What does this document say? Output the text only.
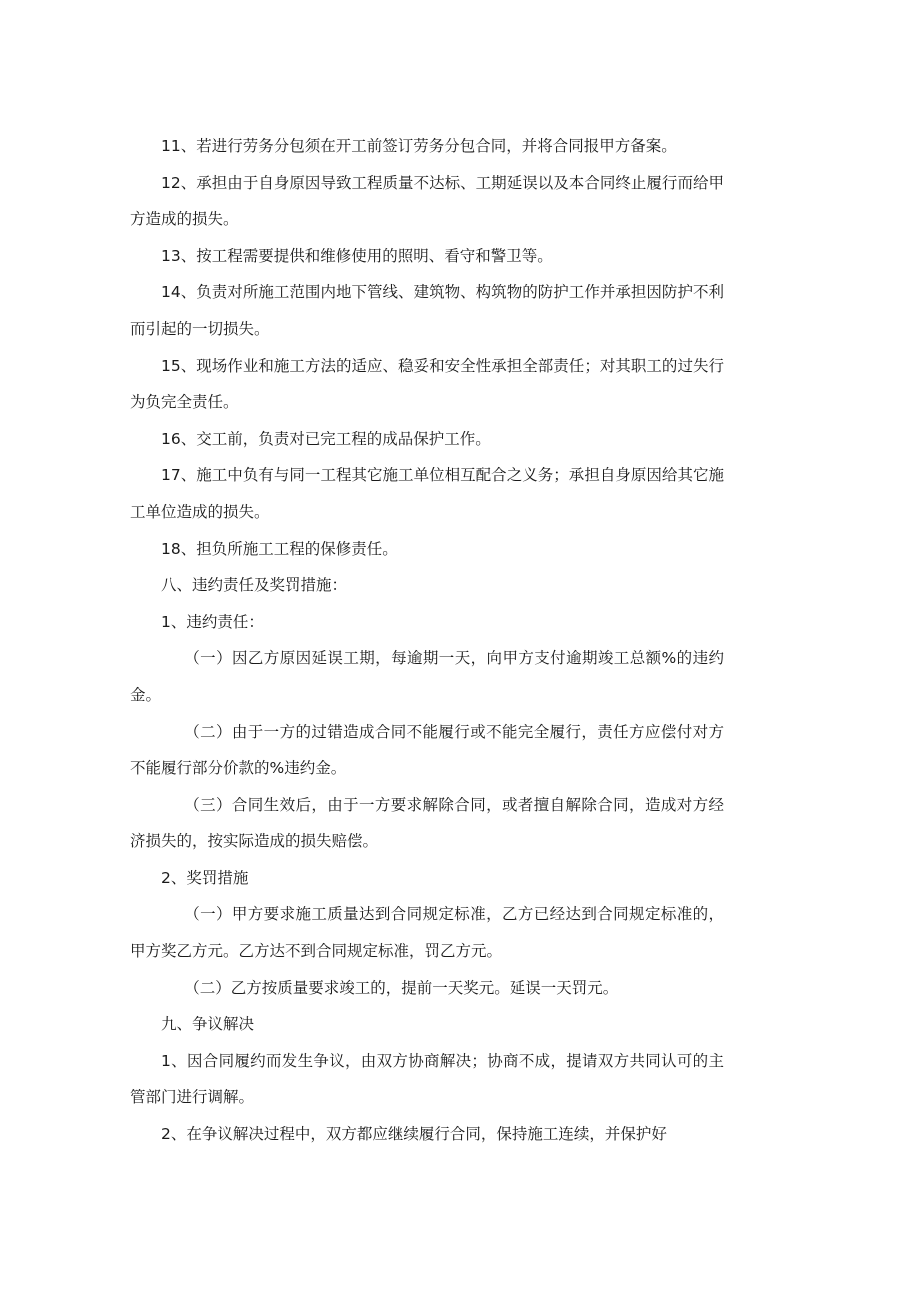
11、若进行劳务分包须在开工前签订劳务分包合同，并将合同报甲方备案。

12、承担由于自身原因导致工程质量不达标、工期延误以及本合同终止履行而给甲方造成的损失。

13、按工程需要提供和维修使用的照明、看守和警卫等。

14、负责对所施工范围内地下管线、建筑物、构筑物的防护工作并承担因防护不利而引起的一切损失。

15、现场作业和施工方法的适应、稳妥和安全性承担全部责任；对其职工的过失行为负完全责任。

16、交工前，负责对已完工程的成品保护工作。

17、施工中负有与同一工程其它施工单位相互配合之义务；承担自身原因给其它施工单位造成的损失。

18、担负所施工工程的保修责任。

八、违约责任及奖罚措施：

1、违约责任：

（一）因乙方原因延误工期，每逾期一天，向甲方支付逾期竣工总额%的违约金。

（二）由于一方的过错造成合同不能履行或不能完全履行，责任方应偿付对方不能履行部分价款的%违约金。

（三）合同生效后，由于一方要求解除合同，或者擅自解除合同，造成对方经济损失的，按实际造成的损失赔偿。

2、奖罚措施

（一）甲方要求施工质量达到合同规定标准，乙方已经达到合同规定标准的，甲方奖乙方元。乙方达不到合同规定标准，罚乙方元。

（二）乙方按质量要求竣工的，提前一天奖元。延误一天罚元。

九、争议解决

1、因合同履约而发生争议，由双方协商解决；协商不成，提请双方共同认可的主管部门进行调解。

2、在争议解决过程中，双方都应继续履行合同，保持施工连续，并保护好
